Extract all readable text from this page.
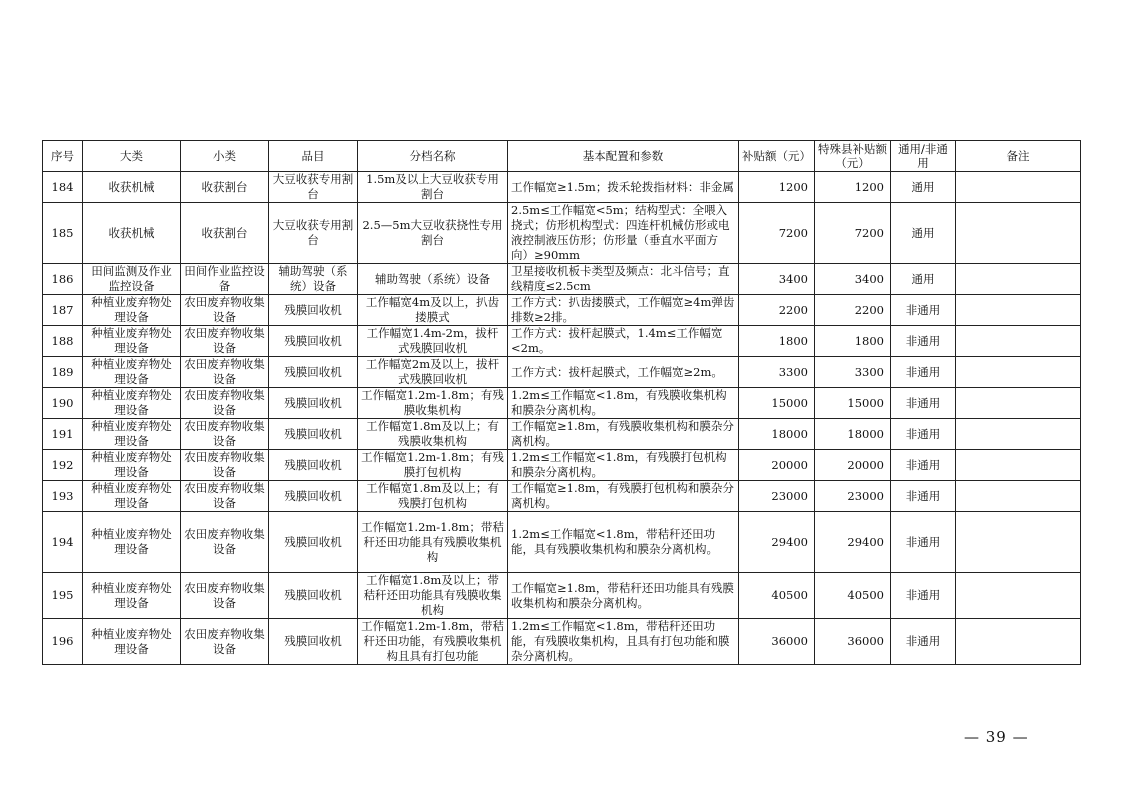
序号	大类	小类	品目	分档名称	基本配置和参数	补贴额（元）	特殊县补贴额（元）	通用/非通用	备注
184	收获机械	收获割台	大豆收获专用割台	1.5m及以上大豆收获专用割台	工作幅宽≥1.5m；拨禾轮拨指材料：非金属	1200	1200	通用	
185	收获机械	收获割台	大豆收获专用割台	2.5—5m大豆收获挠性专用割台	2.5m≤工作幅宽<5m；结构型式：全喂入挠式；仿形机构型式：四连杆机械仿形或电液控制液压仿形；仿形量（垂直水平面方向）≥90mm	7200	7200	通用	
186	田间监测及作业监控设备	田间作业监控设备	辅助驾驶（系统）设备	辅助驾驶（系统）设备	卫星接收机板卡类型及频点：北斗信号；直线精度≤2.5cm	3400	3400	通用	
187	种植业废弃物处理设备	农田废弃物收集设备	残膜回收机	工作幅宽4m及以上，扒齿搂膜式	工作方式：扒齿搂膜式，工作幅宽≥4m弹齿排数≥2排。	2200	2200	非通用	
188	种植业废弃物处理设备	农田废弃物收集设备	残膜回收机	工作幅宽1.4m-2m，拔杆式残膜回收机	工作方式：拔杆起膜式，1.4m≤工作幅宽<2m。	1800	1800	非通用	
189	种植业废弃物处理设备	农田废弃物收集设备	残膜回收机	工作幅宽2m及以上，拔杆式残膜回收机	工作方式：拔杆起膜式，工作幅宽≥2m。	3300	3300	非通用	
190	种植业废弃物处理设备	农田废弃物收集设备	残膜回收机	工作幅宽1.2m-1.8m；有残膜收集机构	1.2m≤工作幅宽<1.8m，有残膜收集机构和膜杂分离机构。	15000	15000	非通用	
191	种植业废弃物处理设备	农田废弃物收集设备	残膜回收机	工作幅宽1.8m及以上；有残膜收集机构	工作幅宽≥1.8m，有残膜收集机构和膜杂分离机构。	18000	18000	非通用	
192	种植业废弃物处理设备	农田废弃物收集设备	残膜回收机	工作幅宽1.2m-1.8m；有残膜打包机构	1.2m≤工作幅宽<1.8m，有残膜打包机构和膜杂分离机构。	20000	20000	非通用	
193	种植业废弃物处理设备	农田废弃物收集设备	残膜回收机	工作幅宽1.8m及以上；有残膜打包机构	工作幅宽≥1.8m，有残膜打包机构和膜杂分离机构。	23000	23000	非通用	
194	种植业废弃物处理设备	农田废弃物收集设备	残膜回收机	工作幅宽1.2m-1.8m；带秸秆还田功能具有残膜收集机构	1.2m≤工作幅宽<1.8m，带秸秆还田功能，具有残膜收集机构和膜杂分离机构。	29400	29400	非通用	
195	种植业废弃物处理设备	农田废弃物收集设备	残膜回收机	工作幅宽1.8m及以上；带秸秆还田功能具有残膜收集机构	工作幅宽≥1.8m，带秸秆还田功能具有残膜收集机构和膜杂分离机构。	40500	40500	非通用	
196	种植业废弃物处理设备	农田废弃物收集设备	残膜回收机	工作幅宽1.2m-1.8m，带秸秆还田功能，有残膜收集机构且具有打包功能	1.2m≤工作幅宽<1.8m，带秸秆还田功能，有残膜收集机构，且具有打包功能和膜杂分离机构。	36000	36000	非通用	
— 39 —
